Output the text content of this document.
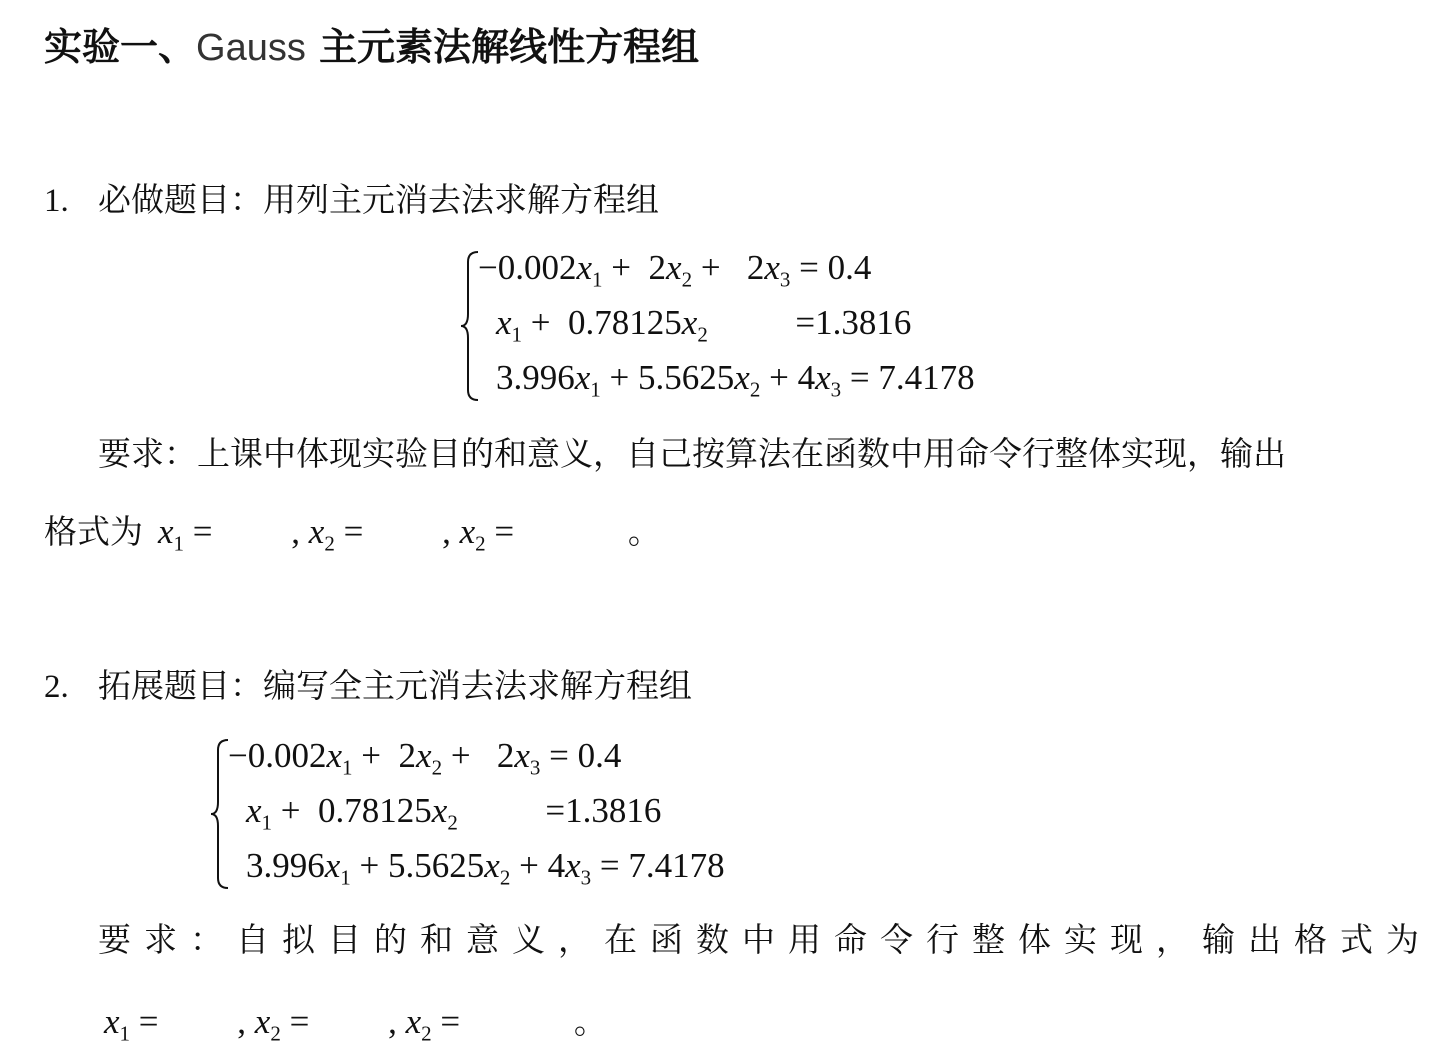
实验一、Gauss 主元素法解线性方程组
1. 必做题目：用列主元消去法求解方程组
$-0.002x_1 + 2x_2 + 2x_3 = 0.4$
$x_1 + 0.78125x_2$          =1.3816
$3.996x_1 + 5.5625x_2 + 4x_3 = 7.4178$
要求：上课中体现实验目的和意义，自己按算法在函数中用命令行整体实现，输出
格式为 $x_1$ =         , $x_2$ =         , $x_2$ =             。
2. 拓展题目：编写全主元消去法求解方程组
$-0.002x_1 + 2x_2 + 2x_3 = 0.4$
$x_1 + 0.78125x_2$          =1.3816
$3.996x_1 + 5.5625x_2 + 4x_3 = 7.4178$
要求：自拟目的和意义，在函数中用命令行整体实现，输出格式为
$x_1$ =         , $x_2$ =         , $x_2$ =             。
